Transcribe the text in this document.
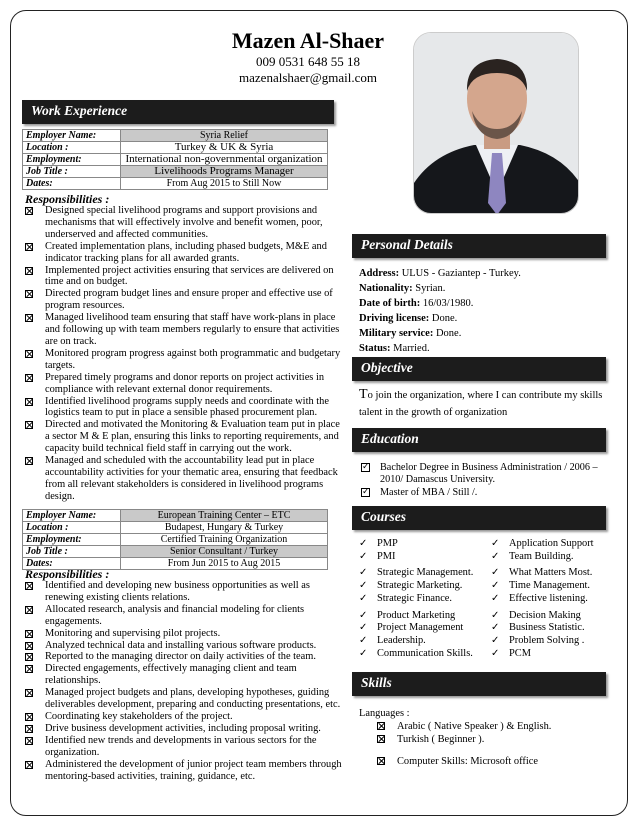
Mazen Al-Shaer
009 0531 648 55 18
mazenalshaer@gmail.com
Work Experience
Employer Name:	Syria Relief
Location :	Turkey & UK & Syria
Employment:	International non-governmental organization
Job Title :	Livelihoods Programs Manager
Dates:	From Aug 2015 to Still Now
Responsibilities :
Designed special livelihood programs and support provisions and mechanisms that will effectively involve and benefit women, poor, underserved and affected communities.
Created implementation plans, including phased budgets, M&E and indicator tracking plans for all awarded grants.
Implemented project activities ensuring that services are delivered on time and on budget.
Directed program budget lines and ensure proper and effective use of program resources.
Managed livelihood team ensuring that staff have work-plans in place and following up with team members regularly to ensure that activities are on track.
Monitored program progress against both programmatic and budgetary targets.
Prepared timely programs and donor reports on project activities in compliance with relevant external donor requirements.
Identified livelihood programs supply needs and coordinate with the logistics team to put in place a sensible phased procurement plan.
Directed and motivated the Monitoring & Evaluation team put in place a sector M & E plan, ensuring this links to reporting requirements, and capacity build technical field staff in carrying out the work.
Managed and scheduled with the accountability lead put in place accountability activities for your thematic area, ensuring that feedback from all relevant stakeholders is considered in livelihood programs design.
Employer Name:	European Training Center – ETC
Location :	Budapest, Hungary & Turkey
Employment:	Certified Training Organization
Job Title :	Senior Consultant / Turkey
Dates:	From Jun 2015 to Aug 2015
Responsibilities :
Identified and developing new business opportunities as well as renewing existing clients relations.
Allocated research, analysis and financial modeling for clients engagements.
Monitoring and supervising pilot projects.
Analyzed technical data and installing various software products.
Reported to the managing director on daily activities of the team.
Directed engagements, effectively managing client and team relationships.
Managed project budgets and plans, developing hypotheses, guiding deliverables development, preparing and conducting presentations, etc.
Coordinating key stakeholders of the project.
Drive business development activities, including proposal writing.
Identified new trends and developments in various sectors for the organization.
Administered the development of junior project team members through mentoring-based activities, training, guidance, etc.
Personal Details
Address: ULUS - Gaziantep - Turkey.
Nationality: Syrian.
Date of birth: 16/03/1980.
Driving license: Done.
Military service: Done.
Status: Married.
Objective
To join the organization, where I can contribute my skills talent in the growth of organization
Education
✓
Bachelor Degree in Business Administration / 2006 – 2010/ Damascus University.
✓
Master of MBA / Still /.
Courses
✓ PMP
✓ PMI
✓ Strategic Management.
✓ Strategic Marketing.
✓ Strategic Finance.
✓ Product Marketing
✓ Project Management
✓ Leadership.
✓ Communication Skills.
✓ Application Support
✓ Team Building.
✓ What Matters Most.
✓ Time Management.
✓ Effective listening.
✓ Decision Making
✓ Business Statistic.
✓ Problem Solving .
✓ PCM
Skills
Languages :
Arabic ( Native Speaker ) & English.
Turkish ( Beginner ).
Computer Skills: Microsoft office
